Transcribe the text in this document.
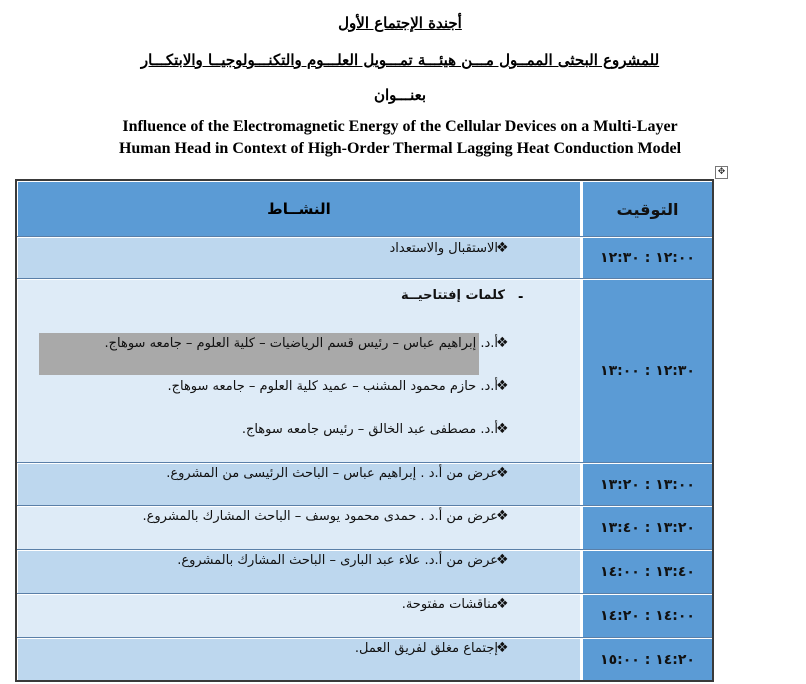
أجندة الإجتماع الأول
للمشروع البحثى الممــول مـــن هيئـــة تمـــويل العلـــوم والتكنـــولوجيــا والابتكـــار
بعنـــوان
Influence of the Electromagnetic Energy of the Cellular Devices on a Multi-Layer
Human Head in Context of High-Order Thermal Lagging Heat Conduction Model
✥
النشــاط	التوقيت
❖
الاستقبال والاستعداد
١٢:٠٠ : ١٢:٣٠
-
كلمات إفتتاحيــة
❖
أ.د. إبراهيم عباس – رئيس قسم الرياضيات – كلية العلوم – جامعه سوهاج.
❖
أ.د. حازم محمود المشنب – عميد كلية العلوم – جامعه سوهاج.
❖
أ.د. مصطفى عبد الخالق – رئيس جامعه سوهاج.
١٢:٣٠ : ١٣:٠٠
❖
عرض من أ.د . إبراهيم عباس – الباحث الرئيسى من المشروع.
١٣:٠٠ : ١٣:٢٠
❖
عرض من أ.د . حمدى محمود يوسف – الباحث المشارك بالمشروع.
١٣:٢٠ : ١٣:٤٠
❖
عرض من أ.د. علاء عبد البارى – الباحث المشارك بالمشروع.
١٣:٤٠ : ١٤:٠٠
❖
مناقشات مفتوحة.
١٤:٠٠ : ١٤:٢٠
❖
إجتماع مغلق لفريق العمل.
١٤:٢٠ : ١٥:٠٠
